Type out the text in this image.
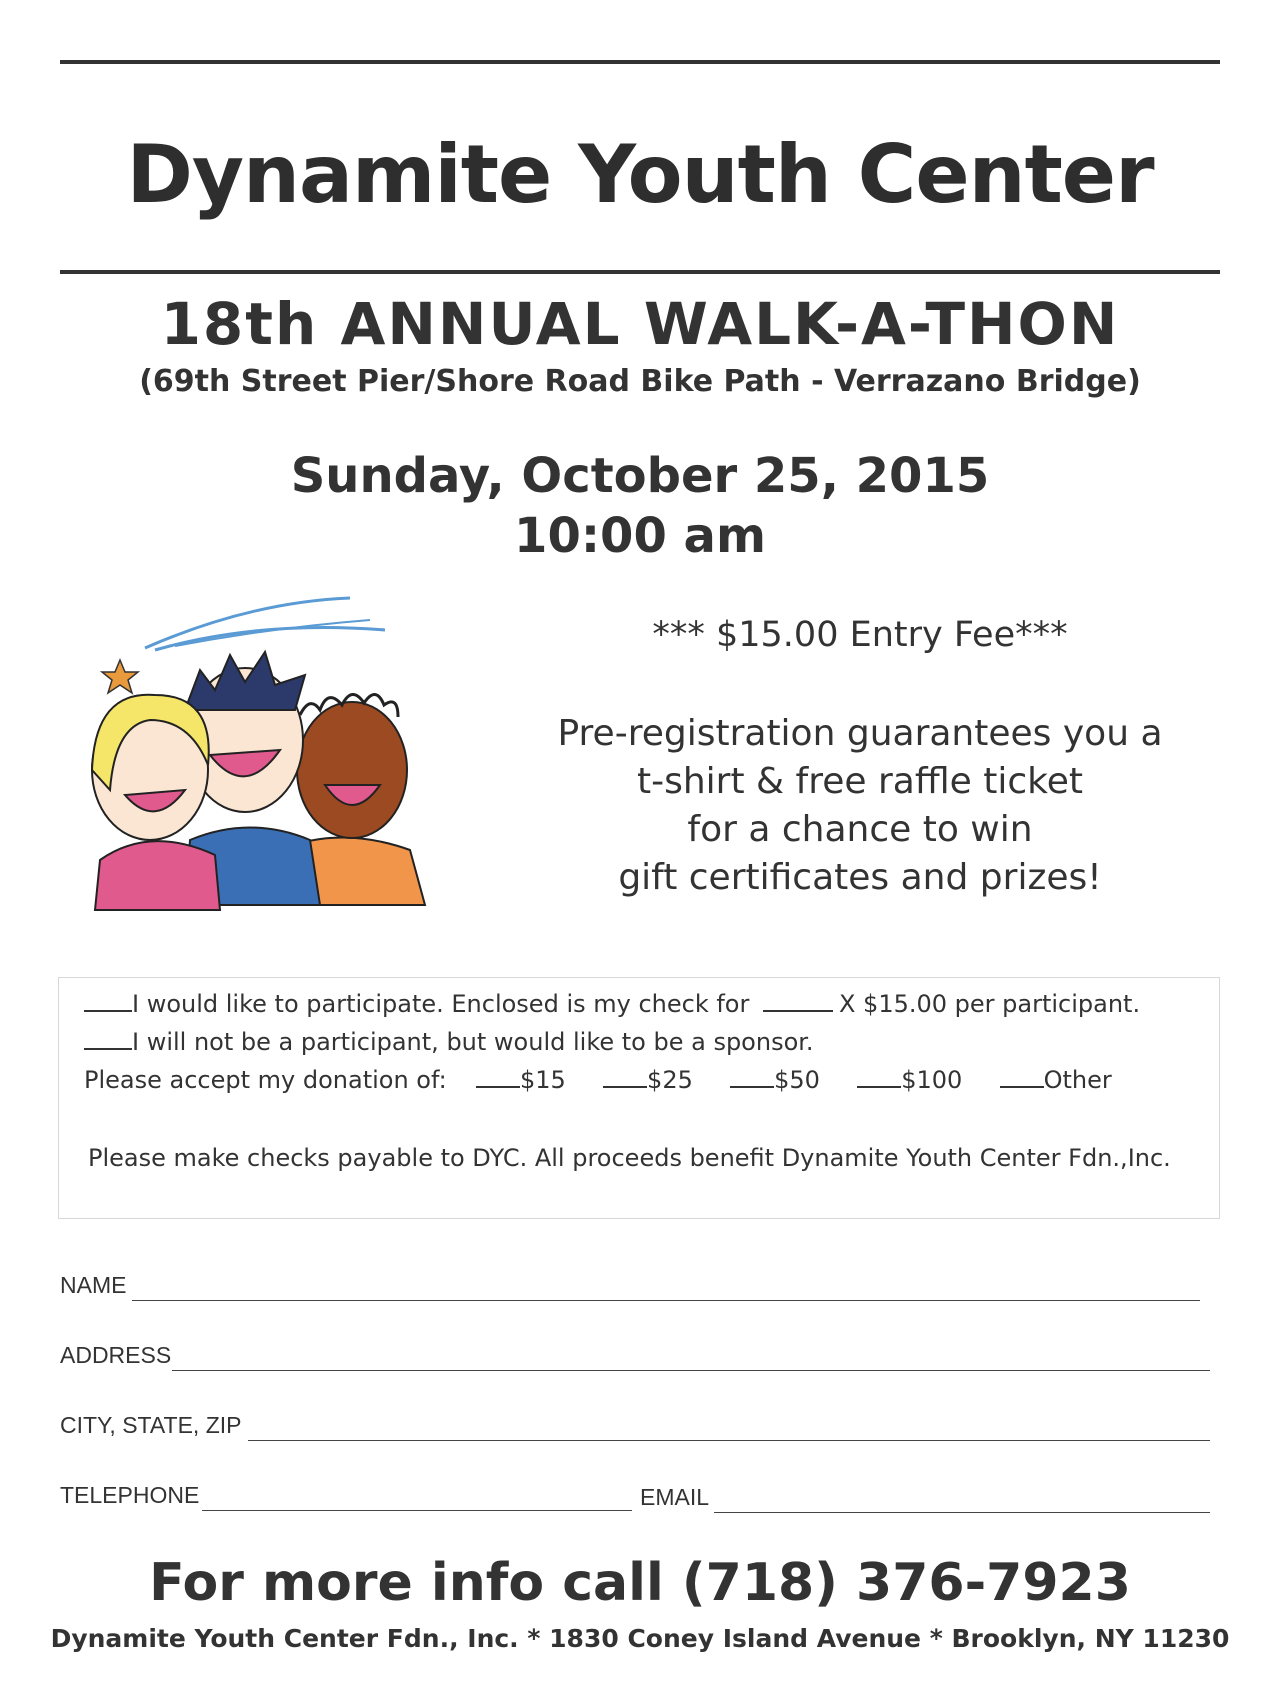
Dynamite Youth Center
18th ANNUAL WALK-A-THON
(69th Street Pier/Shore Road Bike Path - Verrazano Bridge)
Sunday, October 25, 2015
10:00 am
*** $15.00 Entry Fee***
Pre-registration guarantees you a
t-shirt & free raffle ticket
for a chance to win
gift certificates and prizes!
I would like to participate. Enclosed is my check for	X $15.00 per participant.
I will not be a participant, but would like to be a sponsor.
Please accept my donation of:	$15	$25	$50	$100	Other
Please make checks payable to DYC. All proceeds benefit Dynamite Youth Center Fdn.,Inc.
NAME
ADDRESS
CITY, STATE, ZIP
TELEPHONE	EMAIL
For more info call (718) 376-7923
Dynamite Youth Center Fdn., Inc. * 1830 Coney Island Avenue * Brooklyn, NY 11230
